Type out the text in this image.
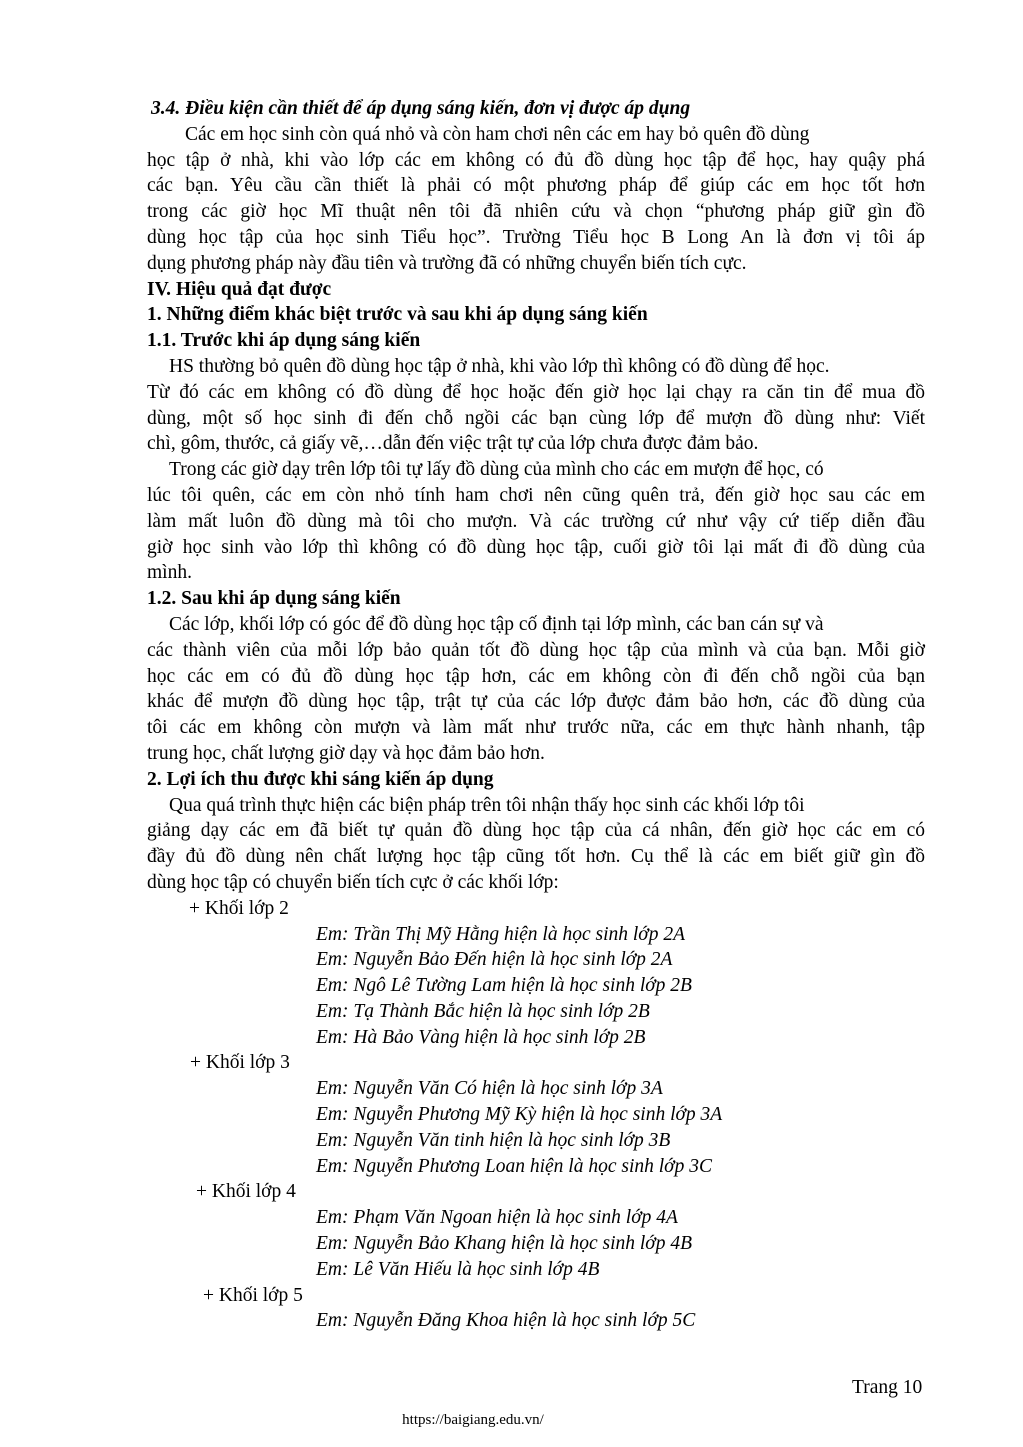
3.4. Điều kiện cần thiết để áp dụng sáng kiến, đơn vị được áp dụng
Các em học sinh còn quá nhỏ và còn ham chơi nên các em hay bỏ quên đồ dùng
học tập ở nhà, khi vào lớp các em không có đủ đồ dùng học tập để học, hay quậy phá
các bạn. Yêu cầu cần thiết là phải có một phương pháp để giúp các em học tốt hơn
trong các giờ học Mĩ thuật nên tôi đã nhiên cứu và chọn “phương pháp giữ gìn đồ
dùng học tập của học sinh Tiểu học”. Trường Tiểu học B Long An là đơn vị tôi áp
dụng phương pháp này đầu tiên và trường đã có những chuyển biến tích cực.
IV. Hiệu quả đạt được
1. Những điểm khác biệt trước và sau khi áp dụng sáng kiến
1.1. Trước khi áp dụng sáng kiến
HS thường bỏ quên đồ dùng học tập ở nhà, khi vào lớp thì không có đồ dùng để học.
Từ đó các em không có đồ dùng để học hoặc đến giờ học lại chạy ra căn tin để mua đồ
dùng, một số học sinh đi đến chỗ ngồi các bạn cùng lớp để mượn đồ dùng như: Viết
chì, gôm, thước, cả giấy vẽ,…dẫn đến việc trật tự của lớp chưa được đảm bảo.
Trong các giờ dạy trên lớp tôi tự lấy đồ dùng của mình cho các em mượn để học, có
lúc tôi quên, các em còn nhỏ tính ham chơi nên cũng quên trả, đến giờ học sau các em
làm mất luôn đồ dùng mà tôi cho mượn. Và các trường cứ như vậy cứ tiếp diễn đầu
giờ học sinh vào lớp thì không có đồ dùng học tập, cuối giờ tôi lại mất đi đồ dùng của
mình.
1.2. Sau khi áp dụng sáng kiến
Các lớp, khối lớp có góc để đồ dùng học tập cố định tại lớp mình, các ban cán sự và
các thành viên của mỗi lớp bảo quản tốt đồ dùng học tập của mình và của bạn. Mỗi giờ
học các em có đủ đồ dùng học tập hơn, các em không còn đi đến chỗ ngồi của bạn
khác để mượn đồ dùng học tập, trật tự của các lớp được đảm bảo hơn, các đồ dùng của
tôi các em không còn mượn và làm mất như trước nữa, các em thực hành nhanh, tập
trung học, chất lượng giờ dạy và học đảm bảo hơn.
2. Lợi ích thu được khi sáng kiến áp dụng
Qua quá trình thực hiện các biện pháp trên tôi nhận thấy học sinh các khối lớp tôi
giảng dạy các em đã biết tự quản đồ dùng học tập của cá nhân, đến giờ học các em có
đầy đủ đồ dùng nên chất lượng học tập cũng tốt hơn. Cụ thể là các em biết giữ gìn đồ
dùng học tập có chuyển biến tích cực ở các khối lớp:
+ Khối lớp 2
Em: Trần Thị Mỹ Hằng hiện là học sinh lớp 2A
Em: Nguyễn Bảo Đến hiện là học sinh lớp 2A
Em: Ngô Lê Tường Lam hiện là học sinh lớp 2B
Em: Tạ Thành Bắc hiện là học sinh lớp 2B
Em: Hà Bảo Vàng hiện là học sinh lớp 2B
+ Khối lớp 3
Em: Nguyễn Văn Có hiện là học sinh lớp 3A
Em: Nguyễn Phương Mỹ Kỳ hiện là học sinh lớp 3A
Em: Nguyễn Văn tinh hiện là học sinh lớp 3B
Em: Nguyễn Phương Loan hiện là học sinh lớp 3C
+ Khối lớp 4
Em: Phạm Văn Ngoan hiện là học sinh lớp 4A
Em: Nguyễn Bảo Khang hiện là học sinh lớp 4B
Em: Lê Văn Hiếu là học sinh lớp 4B
+ Khối lớp 5
Em: Nguyễn Đăng Khoa hiện là học sinh lớp 5C
Trang 10
https://baigiang.edu.vn/
